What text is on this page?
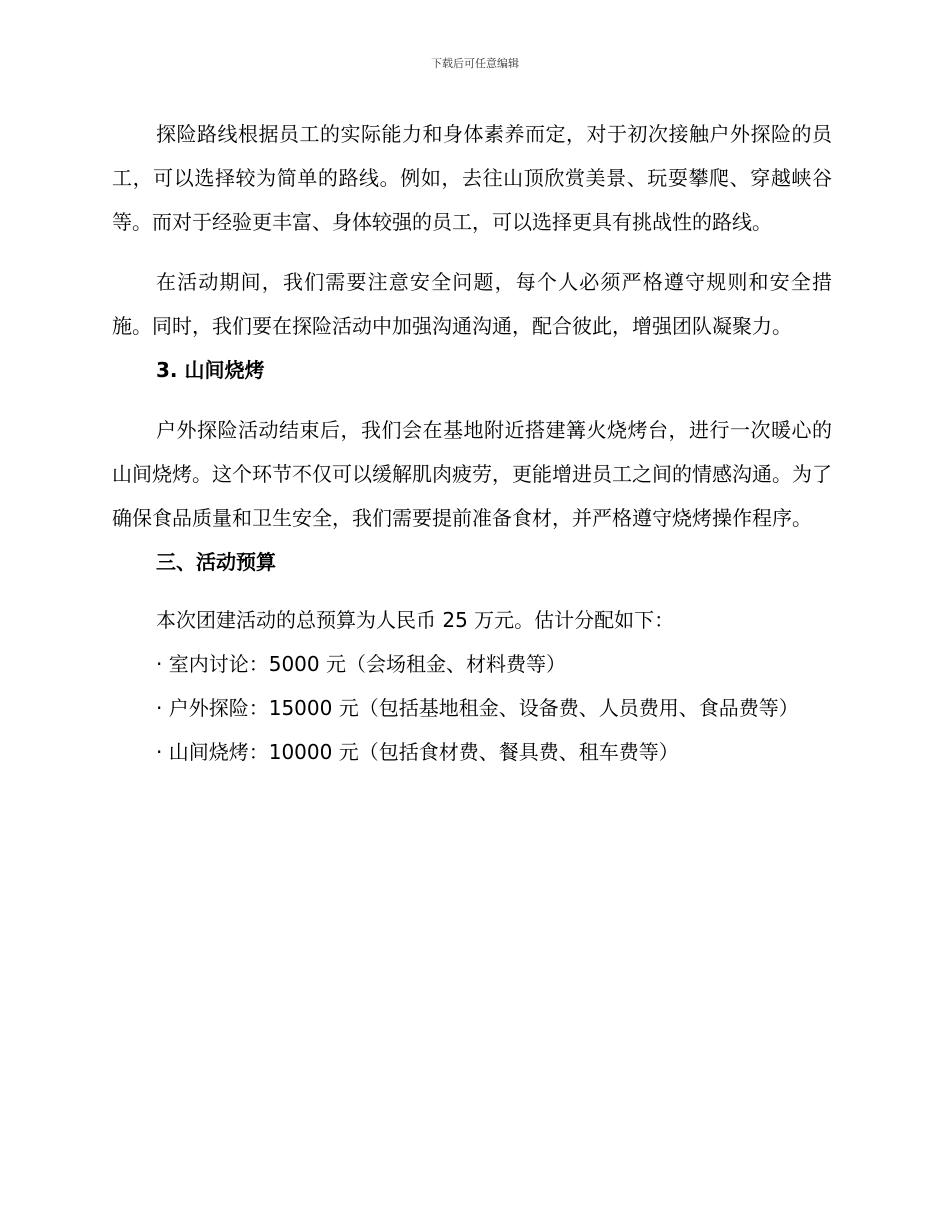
下载后可任意编辑

探险路线根据员工的实际能力和身体素养而定，对于初次接触户外探险的员工，可以选择较为简单的路线。例如，去往山顶欣赏美景、玩耍攀爬、穿越峡谷等。而对于经验更丰富、身体较强的员工，可以选择更具有挑战性的路线。

在活动期间，我们需要注意安全问题，每个人必须严格遵守规则和安全措施。同时，我们要在探险活动中加强沟通沟通，配合彼此，增强团队凝聚力。

3. 山间烧烤

户外探险活动结束后，我们会在基地附近搭建篝火烧烤台，进行一次暖心的山间烧烤。这个环节不仅可以缓解肌肉疲劳，更能增进员工之间的情感沟通。为了确保食品质量和卫生安全，我们需要提前准备食材，并严格遵守烧烤操作程序。

三、活动预算

本次团建活动的总预算为人民币 25 万元。估计分配如下：

· 室内讨论：5000 元（会场租金、材料费等）

· 户外探险：15000 元（包括基地租金、设备费、人员费用、食品费等）

· 山间烧烤：10000 元（包括食材费、餐具费、租车费等）
